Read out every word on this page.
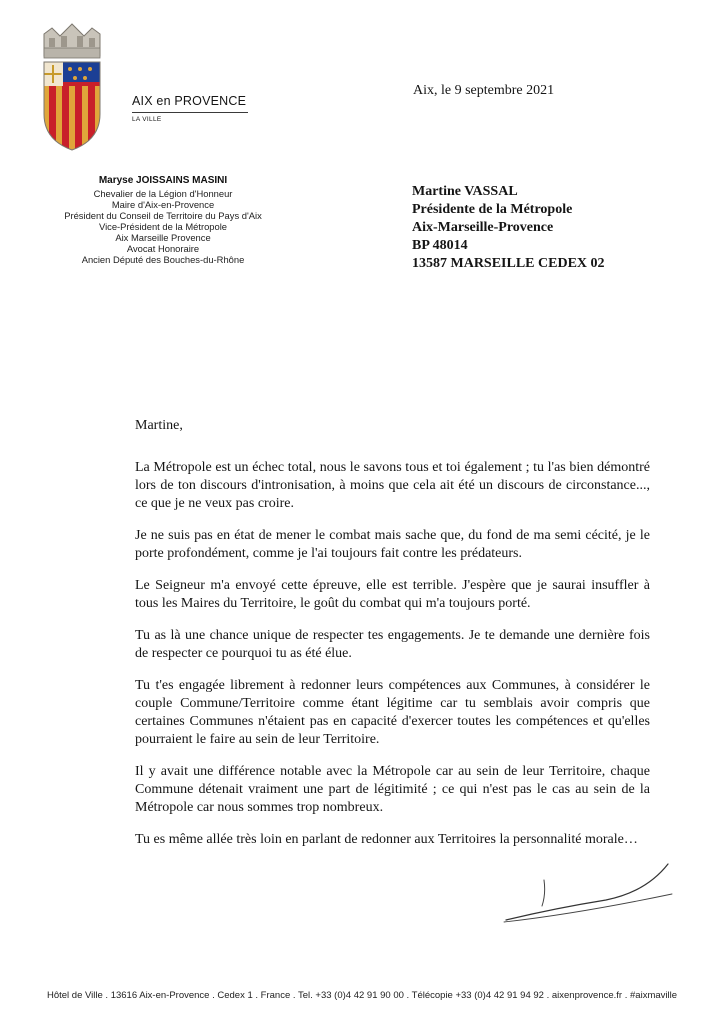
AIX en PROVENCE
LA VILLE
Maryse JOISSAINS MASINI
Chevalier de la Légion d'Honneur
Maire d'Aix-en-Provence
Président du Conseil de Territoire du Pays d'Aix
Vice-Président de la Métropole
Aix Marseille Provence
Avocat Honoraire
Ancien Député des Bouches-du-Rhône
Aix, le 9 septembre 2021
Martine VASSAL
Présidente de la Métropole
Aix-Marseille-Provence
BP 48014
13587 MARSEILLE CEDEX 02

Martine,

La Métropole est un échec total, nous le savons tous et toi également ; tu l'as bien démontré lors de ton discours d'intronisation, à moins que cela ait été un discours de circonstance..., ce que je ne veux pas croire.

Je ne suis pas en état de mener le combat mais sache que, du fond de ma semi cécité, je le porte profondément, comme je l'ai toujours fait contre les prédateurs.

Le Seigneur m'a envoyé cette épreuve, elle est terrible. J'espère que je saurai insuffler à tous les Maires du Territoire, le goût du combat qui m'a toujours porté.

Tu as là une chance unique de respecter tes engagements. Je te demande une dernière fois de respecter ce pourquoi tu as été élue.

Tu t'es engagée librement à redonner leurs compétences aux Communes, à considérer le couple Commune/Territoire comme étant légitime car tu semblais avoir compris que certaines Communes n'étaient pas en capacité d'exercer toutes les compétences et qu'elles pourraient le faire au sein de leur Territoire.

Il y avait une différence notable avec la Métropole car au sein de leur Territoire, chaque Commune détenait vraiment une part de légitimité ; ce qui n'est pas le cas au sein de la Métropole car nous sommes trop nombreux.

Tu es même allée très loin en parlant de redonner aux Territoires la personnalité morale…

Hôtel de Ville . 13616 Aix-en-Provence . Cedex 1 . France . Tel. +33 (0)4 42 91 90 00 . Télécopie +33 (0)4 42 91 94 92 . aixenprovence.fr . #aixmaville
